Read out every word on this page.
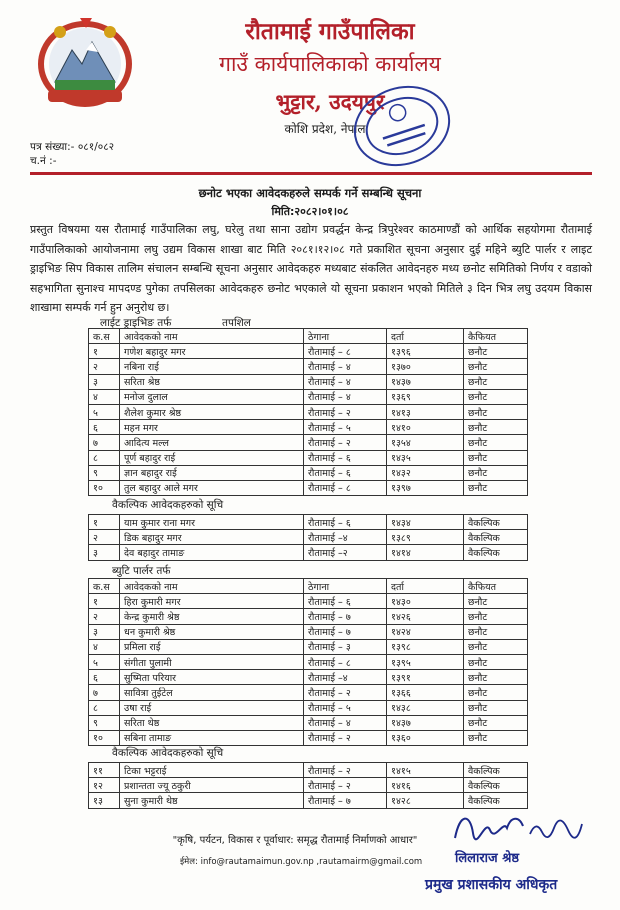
रौतामाई गाउँपालिका
गाउँ कार्यपालिकाको कार्यालय
भुट्टार, उदयपुर
कोशि प्रदेश, नेपाल
पत्र संख्या:- ०८१/०८२
च.नं :-
छनोट भएका आवेदकहरुले सम्पर्क गर्ने सम्बन्धि सूचना
मिति:२०८२।०१।०८
प्रस्तुत विषयमा यस रौतामाई गाउँपालिका लघु, घरेलु तथा साना उद्योग प्रवर्द्धन केन्द्र त्रिपुरेश्वर काठमाण्डौं को आर्थिक सहयोगमा रौतामाई गाउँपालिकाको आयोजनामा लघु उद्यम विकास शाखा बाट मिति २०८१।१२।०८ गते प्रकाशित सूचना अनुसार दुई महिने ब्युटि पार्लर र लाइट ड्राइभिङ सिप विकास तालिम संचालन सम्बन्धि सूचना अनुसार आवेदकहरु मध्यबाट संकलित आवेदनहरु मध्य छनोट समितिको निर्णय र वडाको सहभागिता सुनाश्च मापदण्ड पुगेका तपसिलका आवेदकहरु छनोट भएकाले यो सूचना प्रकाशन भएको मितिले ३ दिन भित्र लघु उदयम विकास शाखामा सम्पर्क गर्न हुन अनुरोध छ।
लाईट ड्राइभिङ तर्फ	तपशिल
क.स	आवेदकको नाम	ठेगाना	दर्ता	कैफियत
१	गणेश बहादुर मगर	रौतामाई – ८	१३९६	छनौट
२	नबिना राई	रौतामाई – ४	१३७०	छनौट
३	सरिता श्रेष्ठ	रौतामाई – ४	१४३७	छनौट
४	मनोज दुलाल	रौतामाई – ४	१३६९	छनौट
५	शैलेश कुमार श्रेष्ठ	रौतामाई – २	१४१३	छनौट
६	महन मगर	रौतामाई – ५	१४१०	छनौट
७	आदित्य मल्ल	रौतामाई – २	१३५४	छनौट
८	पूर्ण बहादुर राई	रौतामाई – ६	१४३५	छनौट
९	ज्ञान बहादुर राई	रौतामाई – ६	१४३२	छनौट
१०	तुल बहादुर आले मगर	रौतामाई – ८	१३९७	छनौट
वैकल्पिक आवेदकहरुको सूचि
१	याम कुमार राना मगर	रौतामाई – ६	१४३४	वैकल्पिक
२	डिक बहादुर मगर	रौतामाई –४	१३८९	वैकल्पिक
३	देव बहादुर तामाङ	रौतामाई –२	१४१४	वैकल्पिक
ब्युटि पार्लर तर्फ
क.स	आवेदकको नाम	ठेगाना	दर्ता	कैफियत
१	हिरा कुमारी मगर	रौतामाई – ६	१४३०	छनौट
२	केन्द्र कुमारी श्रेष्ठ	रौतामाई – ७	१४२६	छनौट
३	धन कुमारी श्रेष्ठ	रौतामाई – ७	१४२४	छनौट
४	प्रमिला राई	रौतामाई – ३	१३९८	छनौट
५	संगीता पुलामी	रौतामाई – ८	१३९५	छनौट
६	सुष्मिता परियार	रौतामाई –४	१३९१	छनौट
७	सावित्रा तुईटेल	रौतामाई – २	१३६६	छनौट
८	उषा राई	रौतामाई – ५	१४३८	छनौट
९	सरिता थेष्ठ	रौतामाई – ४	१४३७	छनौट
१०	सबिना तामाङ	रौतामाई – २	१३६०	छनौट
वैकल्पिक आवेदकहरुको सूचि
११	टिका भट्टराई	रौतामाई – २	१४१५	वैकल्पिक
१२	प्रशान्तता ज्यू ठकुरी	रौतामाई – २	१४१६	वैकल्पिक
१३	सुना कुमारी थेष्ठ	रौतामाई – ७	१४२८	वैकल्पिक
"कृषि, पर्यटन, विकास र पूर्वाधार: समृद्ध रौतामाई निर्माणको आधार"
ईमेल: info@rautamaimun.gov.np ,rautamairm@gmail.com	लिलाराज श्रेष्ठ
प्रमुख प्रशासकीय अधिकृत
